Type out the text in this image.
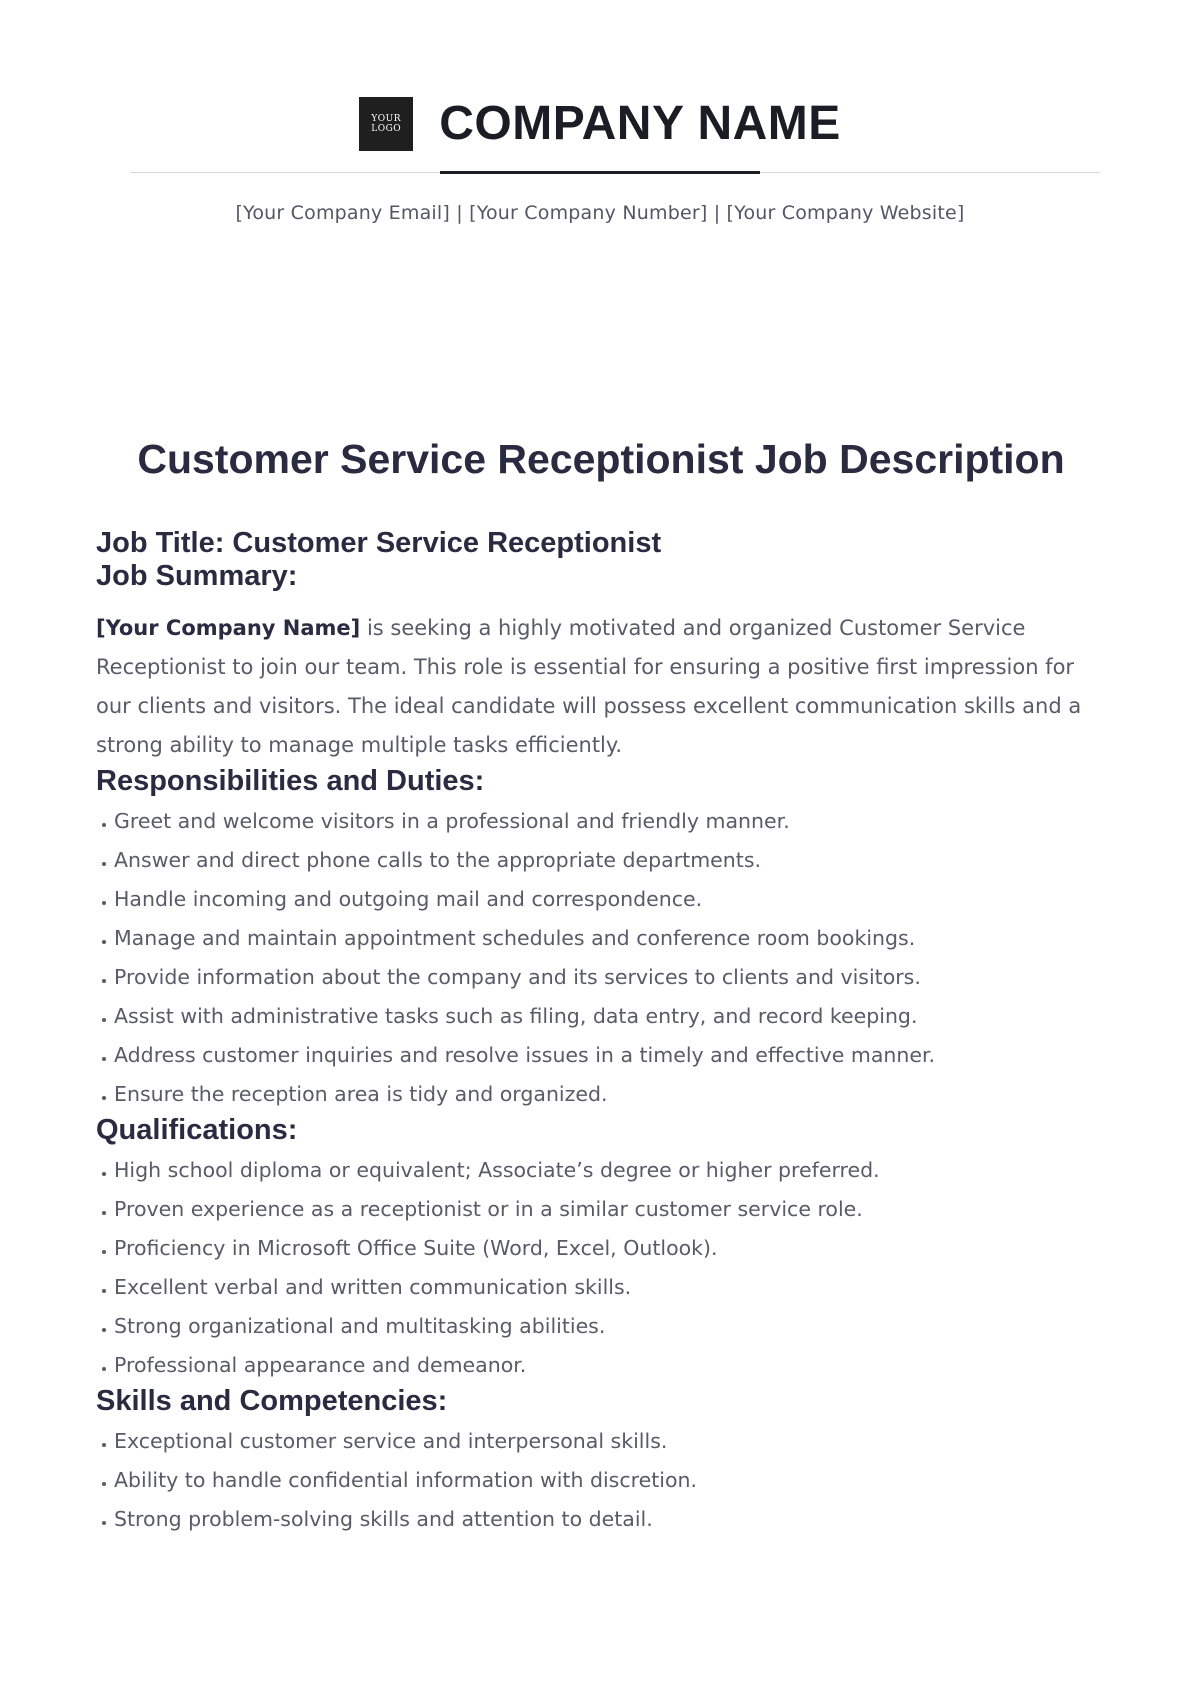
YOUR
LOGO COMPANY NAME
[Your Company Email] | [Your Company Number] | [Your Company Website]
Customer Service Receptionist Job Description
Job Title: Customer Service Receptionist
Job Summary:

[Your Company Name] is seeking a highly motivated and organized Customer Service Receptionist to join our team. This role is essential for ensuring a positive first impression for our clients and visitors. The ideal candidate will possess excellent communication skills and a strong ability to manage multiple tasks efficiently.

Responsibilities and Duties:
Greet and welcome visitors in a professional and friendly manner.
Answer and direct phone calls to the appropriate departments.
Handle incoming and outgoing mail and correspondence.
Manage and maintain appointment schedules and conference room bookings.
Provide information about the company and its services to clients and visitors.
Assist with administrative tasks such as filing, data entry, and record keeping.
Address customer inquiries and resolve issues in a timely and effective manner.
Ensure the reception area is tidy and organized.
Qualifications:
High school diploma or equivalent; Associate’s degree or higher preferred.
Proven experience as a receptionist or in a similar customer service role.
Proficiency in Microsoft Office Suite (Word, Excel, Outlook).
Excellent verbal and written communication skills.
Strong organizational and multitasking abilities.
Professional appearance and demeanor.
Skills and Competencies:
Exceptional customer service and interpersonal skills.
Ability to handle confidential information with discretion.
Strong problem-solving skills and attention to detail.
